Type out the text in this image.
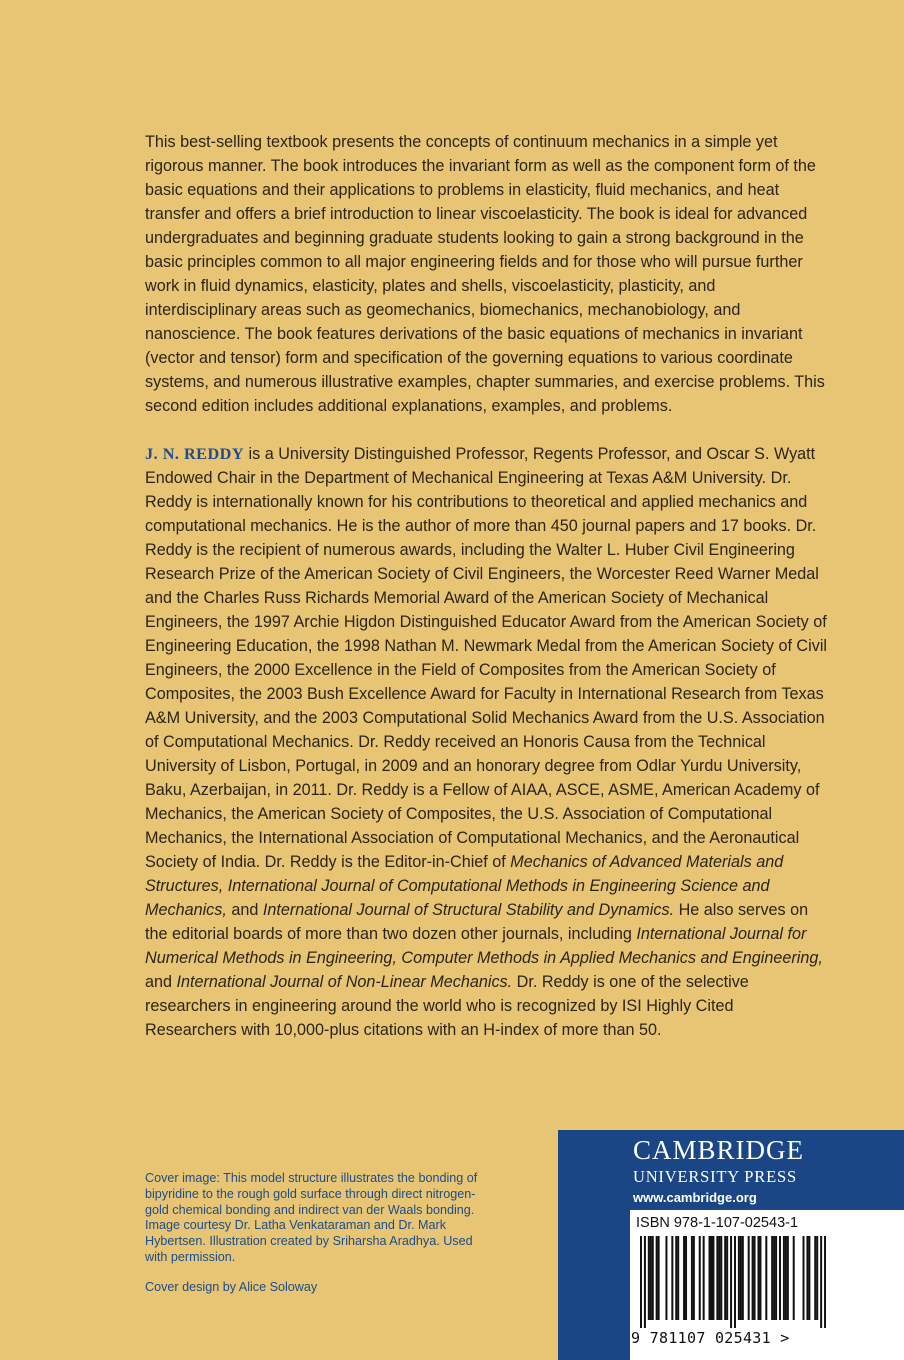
This best-selling textbook presents the concepts of continuum mechanics in a simple yet rigorous manner. The book introduces the invariant form as well as the component form of the basic equations and their applications to problems in elasticity, fluid mechanics, and heat transfer and offers a brief introduction to linear viscoelasticity. The book is ideal for advanced undergraduates and beginning graduate students looking to gain a strong background in the basic principles common to all major engineering fields and for those who will pursue further work in fluid dynamics, elasticity, plates and shells, viscoelasticity, plasticity, and interdisciplinary areas such as geomechanics, biomechanics, mechanobiology, and nanoscience. The book features derivations of the basic equations of mechanics in invariant (vector and tensor) form and specification of the governing equations to various coordinate systems, and numerous illustrative examples, chapter summaries, and exercise problems. This second edition includes additional explanations, examples, and problems.

J. N. REDDY is a University Distinguished Professor, Regents Professor, and Oscar S. Wyatt Endowed Chair in the Department of Mechanical Engineering at Texas A&M University. Dr. Reddy is internationally known for his contributions to theoretical and applied mechanics and computational mechanics. He is the author of more than 450 journal papers and 17 books. Dr. Reddy is the recipient of numerous awards, including the Walter L. Huber Civil Engineering Research Prize of the American Society of Civil Engineers, the Worcester Reed Warner Medal and the Charles Russ Richards Memorial Award of the American Society of Mechanical Engineers, the 1997 Archie Higdon Distinguished Educator Award from the American Society of Engineering Education, the 1998 Nathan M. Newmark Medal from the American Society of Civil Engineers, the 2000 Excellence in the Field of Composites from the American Society of Composites, the 2003 Bush Excellence Award for Faculty in International Research from Texas A&M University, and the 2003 Computational Solid Mechanics Award from the U.S. Association of Computational Mechanics. Dr. Reddy received an Honoris Causa from the Technical University of Lisbon, Portugal, in 2009 and an honorary degree from Odlar Yurdu University, Baku, Azerbaijan, in 2011. Dr. Reddy is a Fellow of AIAA, ASCE, ASME, American Academy of Mechanics, the American Society of Composites, the U.S. Association of Computational Mechanics, the International Association of Computational Mechanics, and the Aeronautical Society of India. Dr. Reddy is the Editor-in-Chief of Mechanics of Advanced Materials and Structures, International Journal of Computational Methods in Engineering Science and Mechanics, and International Journal of Structural Stability and Dynamics. He also serves on the editorial boards of more than two dozen other journals, including International Journal for Numerical Methods in Engineering, Computer Methods in Applied Mechanics and Engineering, and International Journal of Non-Linear Mechanics. Dr. Reddy is one of the selective researchers in engineering around the world who is recognized by ISI Highly Cited Researchers with 10,000-plus citations with an H-index of more than 50.

Cover image: This model structure illustrates the bonding of bipyridine to the rough gold surface through direct nitrogen-gold chemical bonding and indirect van der Waals bonding. Image courtesy Dr. Latha Venkataraman and Dr. Mark Hybertsen. Illustration created by Sriharsha Aradhya. Used with permission.

Cover design by Alice Soloway

CAMBRIDGE
UNIVERSITY PRESS
www.cambridge.org
ISBN 978-1-107-02543-1
9 781107 025431 >
